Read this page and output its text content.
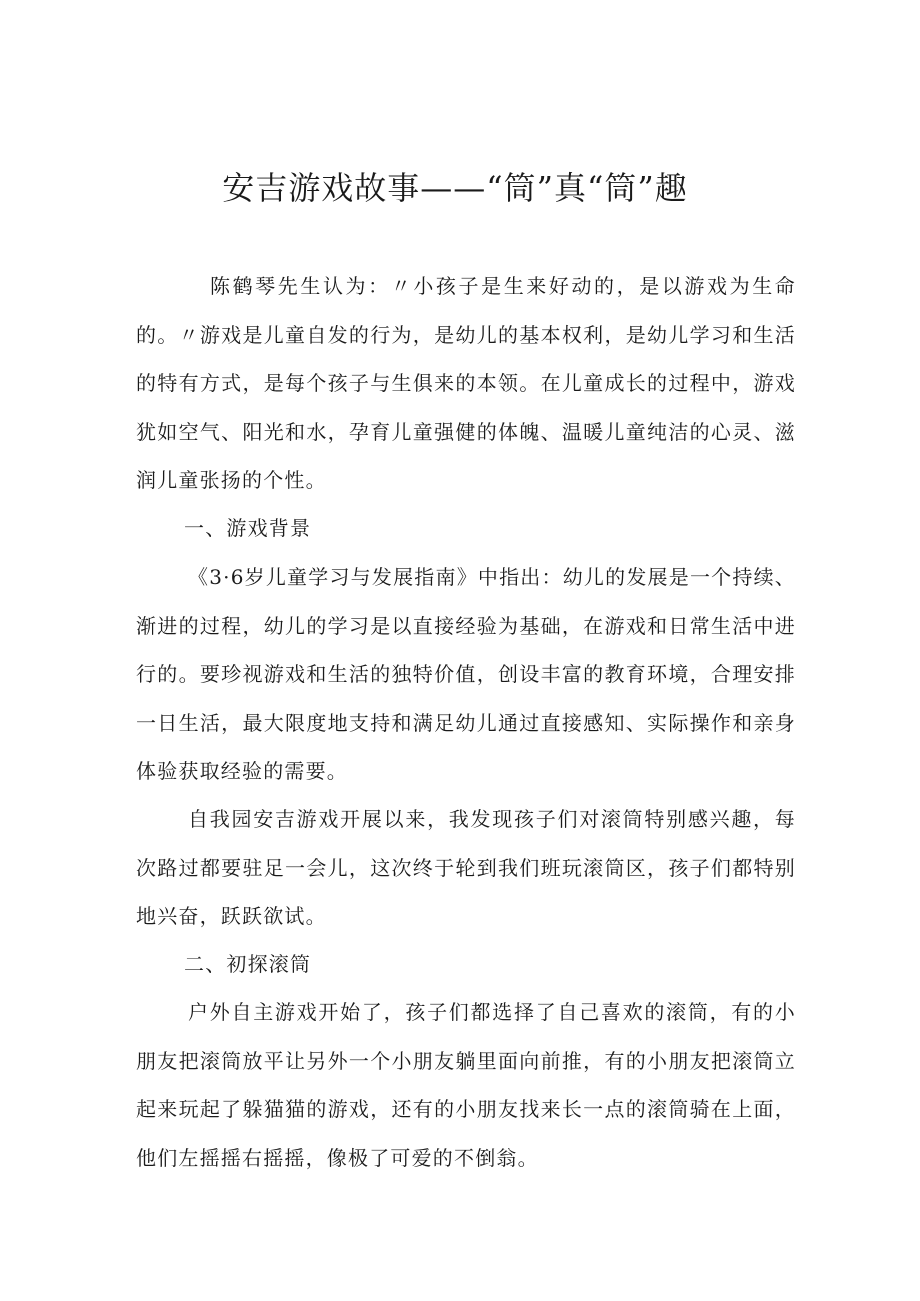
安吉游戏故事——“筒”真“筒”趣

陈鹤琴先生认为：〃小孩子是生来好动的，是以游戏为生命的。〃游戏是儿童自发的行为，是幼儿的基本权利，是幼儿学习和生活的特有方式，是每个孩子与生俱来的本领。在儿童成长的过程中，游戏犹如空气、阳光和水，孕育儿童强健的体魄、温暖儿童纯洁的心灵、滋润儿童张扬的个性。

一、游戏背景

《3·6岁儿童学习与发展指南》中指出：幼儿的发展是一个持续、渐进的过程，幼儿的学习是以直接经验为基础，在游戏和日常生活中进行的。要珍视游戏和生活的独特价值，创设丰富的教育环境，合理安排一日生活，最大限度地支持和满足幼儿通过直接感知、实际操作和亲身体验获取经验的需要。

自我园安吉游戏开展以来，我发现孩子们对滚筒特别感兴趣，每次路过都要驻足一会儿，这次终于轮到我们班玩滚筒区，孩子们都特别地兴奋，跃跃欲试。

二、初探滚筒

户外自主游戏开始了，孩子们都选择了自己喜欢的滚筒，有的小朋友把滚筒放平让另外一个小朋友躺里面向前推，有的小朋友把滚筒立起来玩起了躲猫猫的游戏，还有的小朋友找来长一点的滚筒骑在上面，他们左摇摇右摇摇，像极了可爱的不倒翁。
